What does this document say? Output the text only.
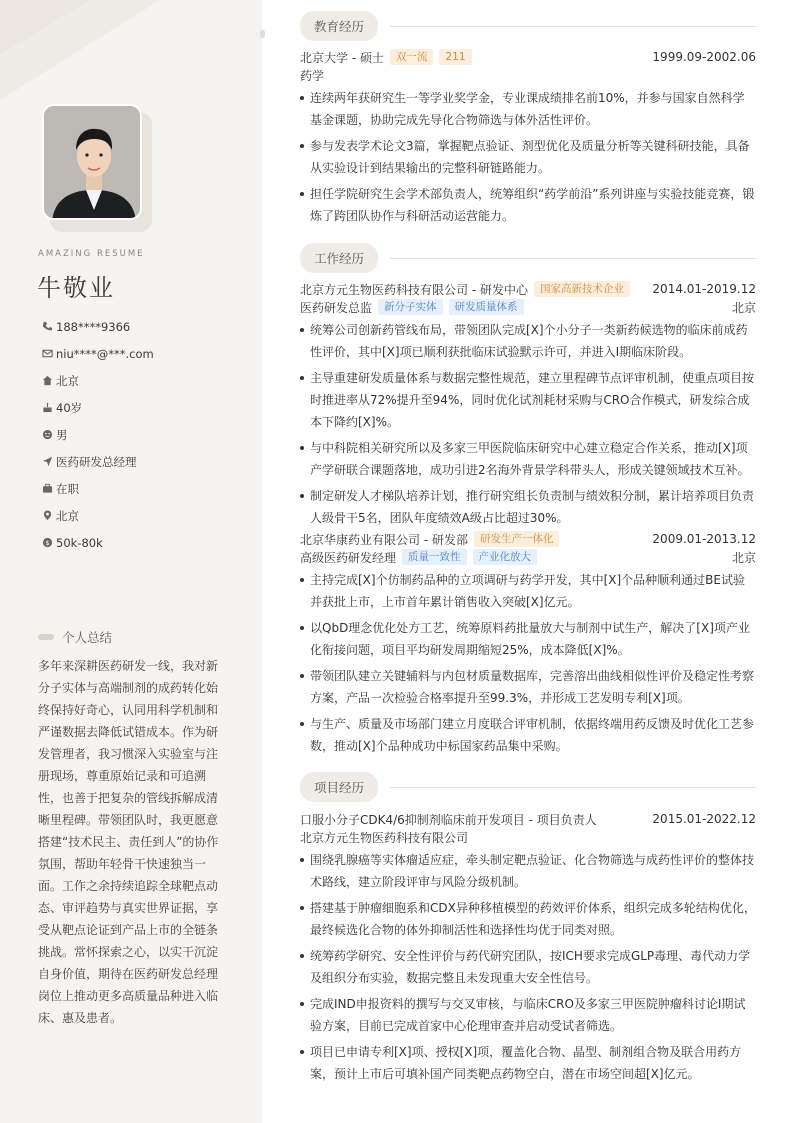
AMAZING RESUME
牛敬业
188****9366
niu****@***.com
北京
40岁
男
医药研发总经理
在职
北京
$ 50k-80k
个人总结
多年来深耕医药研发一线，我对新分子实体与高端制剂的成药转化始终保持好奇心，认同用科学机制和严谨数据去降低试错成本。作为研发管理者，我习惯深入实验室与注册现场，尊重原始记录和可追溯性，也善于把复杂的管线拆解成清晰里程碑。带领团队时，我更愿意搭建“技术民主、责任到人”的协作氛围，帮助年轻骨干快速独当一面。工作之余持续追踪全球靶点动态、审评趋势与真实世界证据，享受从靶点论证到产品上市的全链条挑战。常怀探索之心，以实干沉淀自身价值，期待在医药研发总经理岗位上推动更多高质量品种进入临床、惠及患者。
教育经历
北京大学 - 硕士	双一流	211	1999.09-2002.06
药学
连续两年获研究生一等学业奖学金，专业课成绩排名前10%，并参与国家自然科学基金课题，协助完成先导化合物筛选与体外活性评价。
参与发表学术论文3篇，掌握靶点验证、剂型优化及质量分析等关键科研技能，具备从实验设计到结果输出的完整科研链路能力。
担任学院研究生会学术部负责人，统筹组织“药学前沿”系列讲座与实验技能竞赛，锻炼了跨团队协作与科研活动运营能力。
工作经历
北京方元生物医药科技有限公司 - 研发中心	国家高新技术企业	2014.01-2019.12
医药研发总监	新分子实体	研发质量体系	北京
统筹公司创新药管线布局，带领团队完成[X]个小分子一类新药候选物的临床前成药性评价，其中[X]项已顺利获批临床试验默示许可，并进入I期临床阶段。
主导重建研发质量体系与数据完整性规范，建立里程碑节点评审机制，使重点项目按时推进率从72%提升至94%，同时优化试剂耗材采购与CRO合作模式，研发综合成本下降约[X]%。
与中科院相关研究所以及多家三甲医院临床研究中心建立稳定合作关系，推动[X]项产学研联合课题落地，成功引进2名海外背景学科带头人，形成关键领域技术互补。
制定研发人才梯队培养计划，推行研究组长负责制与绩效积分制，累计培养项目负责人级骨干5名，团队年度绩效A级占比超过30%。
北京华康药业有限公司 - 研发部	研发生产一体化	2009.01-2013.12
高级医药研发经理	质量一致性	产业化放大	北京
主持完成[X]个仿制药品种的立项调研与药学开发，其中[X]个品种顺利通过BE试验并获批上市，上市首年累计销售收入突破[X]亿元。
以QbD理念优化处方工艺，统筹原料药批量放大与制剂中试生产，解决了[X]项产业化衔接问题，项目平均研发周期缩短25%，成本降低[X]%。
带领团队建立关键辅料与内包材质量数据库，完善溶出曲线相似性评价及稳定性考察方案，产品一次检验合格率提升至99.3%，并形成工艺发明专利[X]项。
与生产、质量及市场部门建立月度联合评审机制，依据终端用药反馈及时优化工艺参数，推动[X]个品种成功中标国家药品集中采购。
项目经历
口服小分子CDK4/6抑制剂临床前开发项目 - 项目负责人	2015.01-2022.12
北京方元生物医药科技有限公司
围绕乳腺癌等实体瘤适应症，牵头制定靶点验证、化合物筛选与成药性评价的整体技术路线，建立阶段评审与风险分级机制。
搭建基于肿瘤细胞系和CDX异种移植模型的药效评价体系，组织完成多轮结构优化，最终候选化合物的体外抑制活性和选择性均优于同类对照。
统筹药学研究、安全性评价与药代研究团队，按ICH要求完成GLP毒理、毒代动力学及组织分布实验，数据完整且未发现重大安全性信号。
完成IND申报资料的撰写与交叉审核，与临床CRO及多家三甲医院肿瘤科讨论I期试验方案，目前已完成首家中心伦理审查并启动受试者筛选。
项目已申请专利[X]项、授权[X]项，覆盖化合物、晶型、制剂组合物及联合用药方案，预计上市后可填补国产同类靶点药物空白，潜在市场空间超[X]亿元。
